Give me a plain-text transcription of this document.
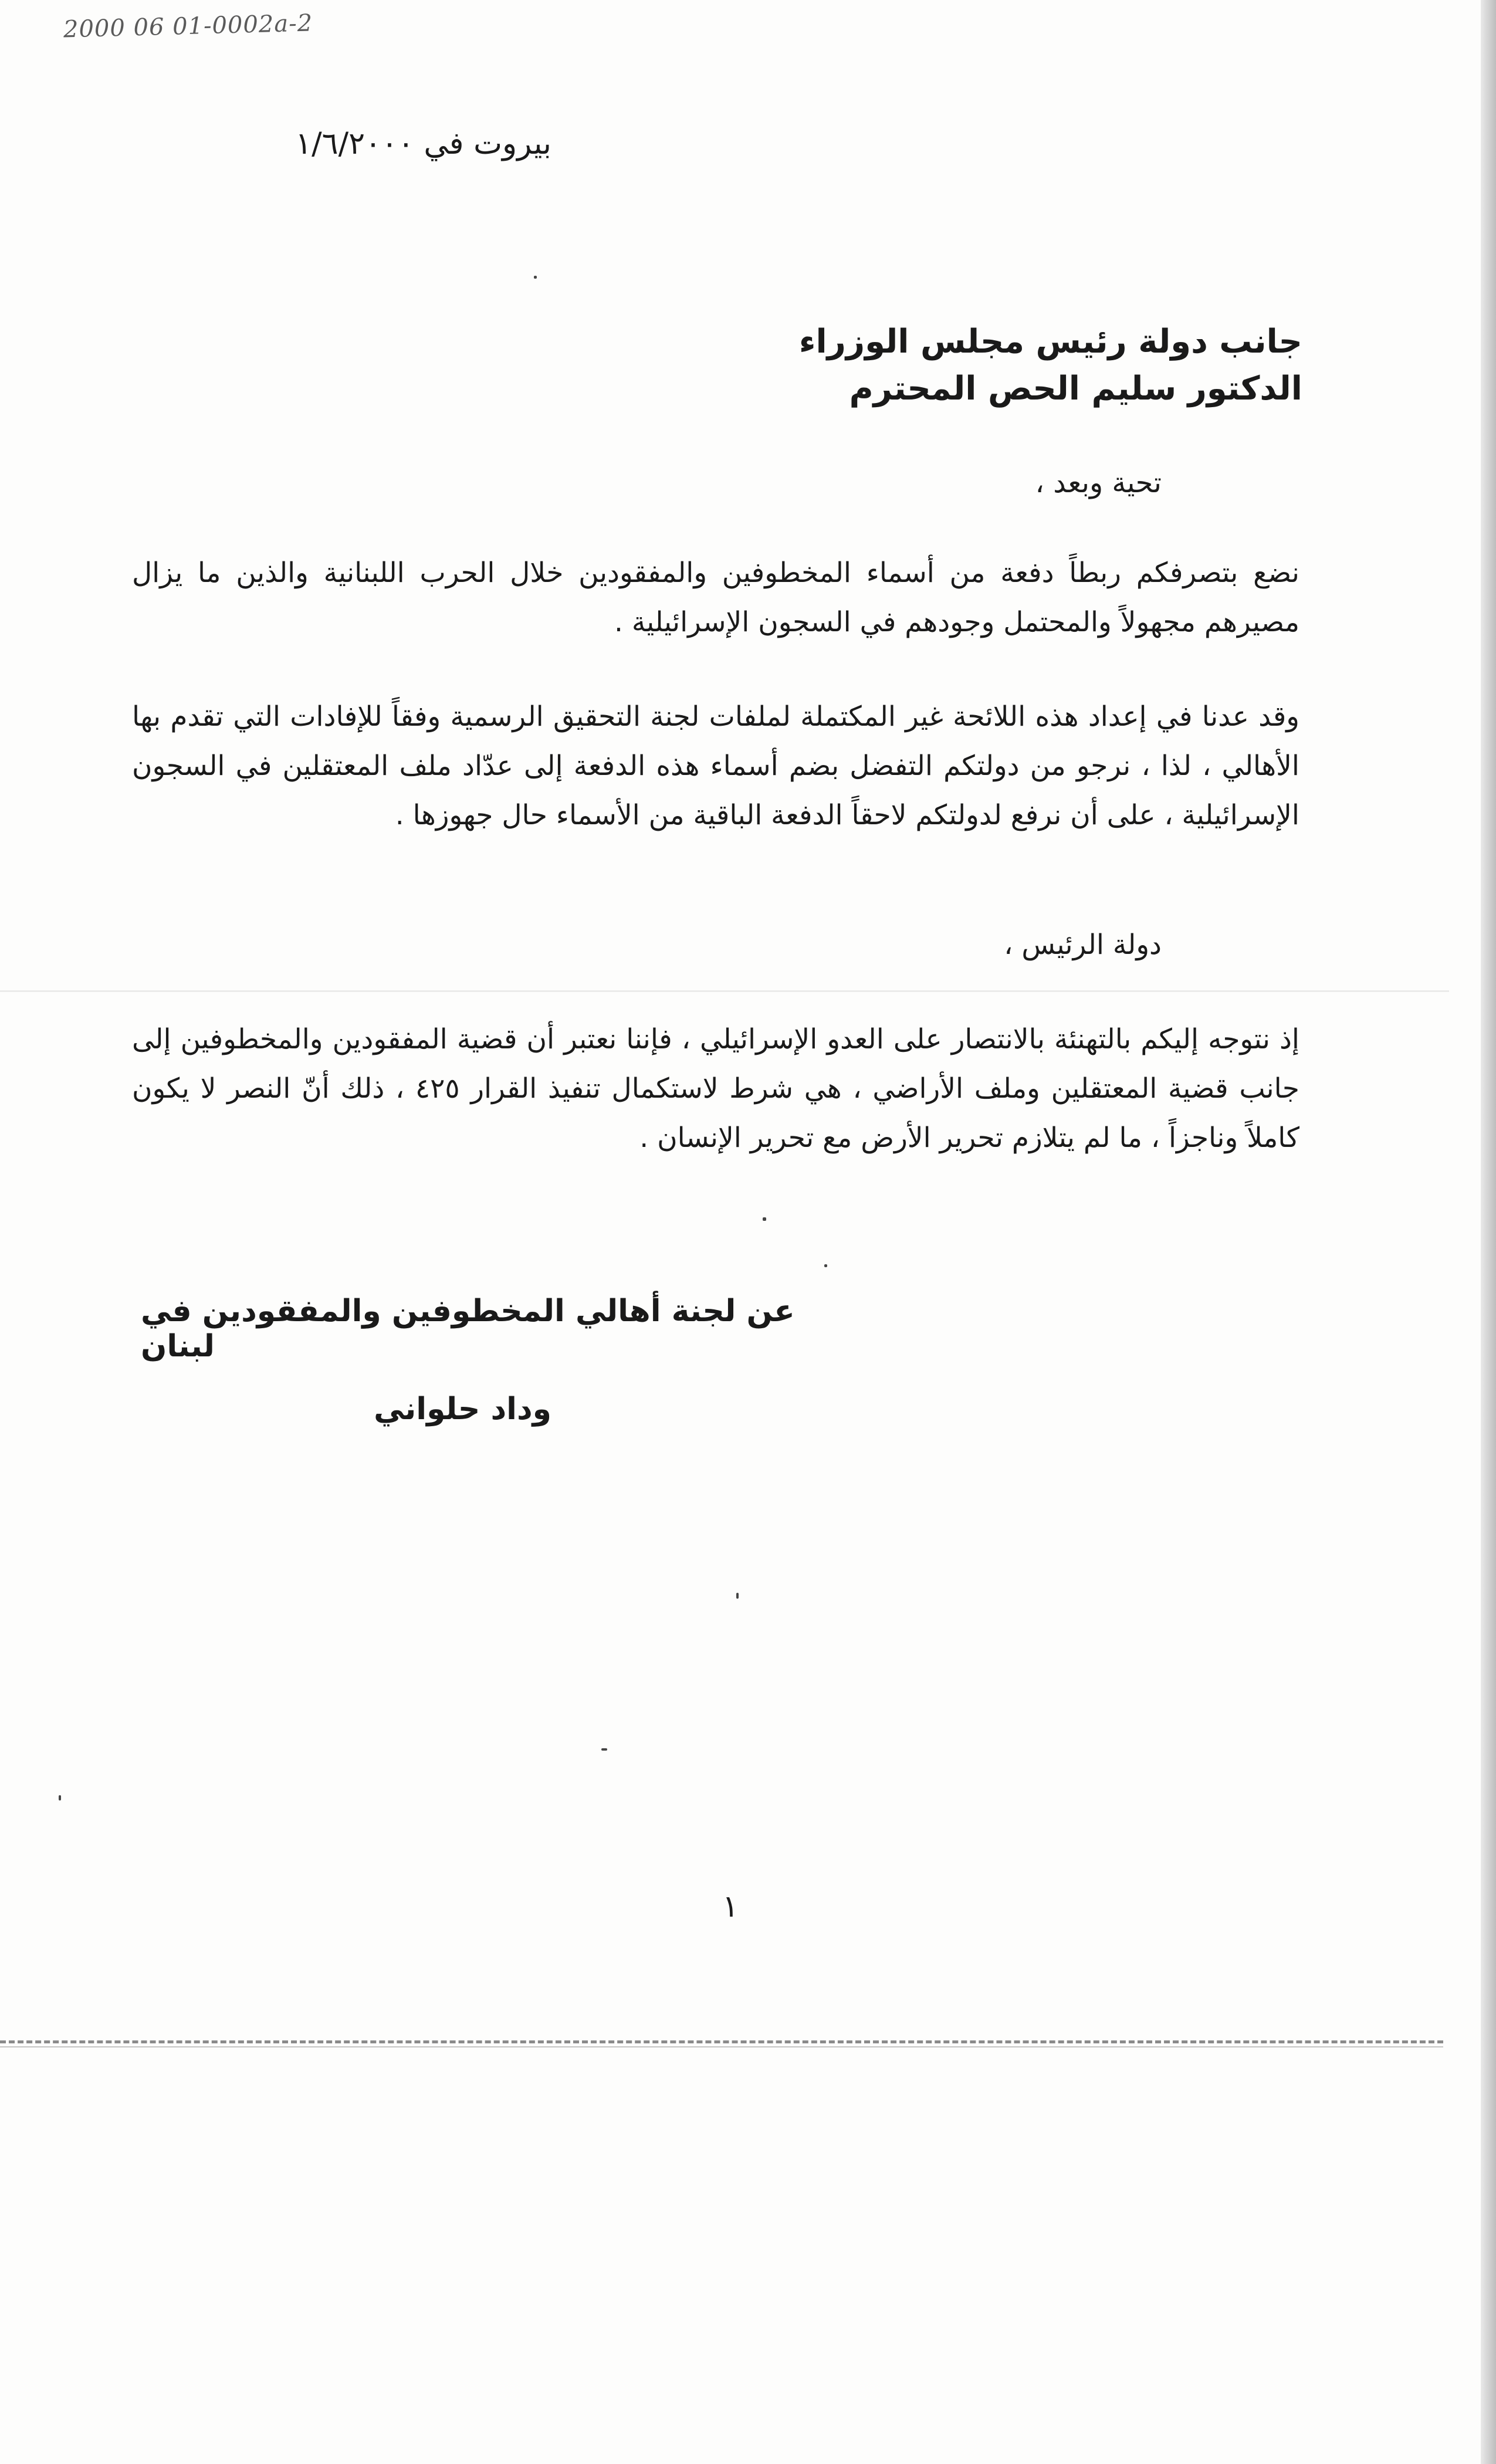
2000 06 01-0002a-2

بيروت في ١/٦/٢٠٠٠

جانب دولة رئيس مجلس الوزراء

الدكتور سليم الحص المحترم

تحية وبعد ،

نضع بتصرفكم ربطاً دفعة من أسماء المخطوفين والمفقودين خلال الحرب اللبنانية والذين ما يزال مصيرهم مجهولاً والمحتمل وجودهم في السجون الإسرائيلية .

وقد عدنا في إعداد هذه اللائحة غير المكتملة لملفات لجنة التحقيق الرسمية وفقاً للإفادات التي تقدم بها الأهالي ، لذا ، نرجو من دولتكم التفضل بضم أسماء هذه الدفعة إلى عدّاد ملف المعتقلين في السجون الإسرائيلية ، على أن نرفع لدولتكم لاحقاً الدفعة الباقية من الأسماء حال جهوزها .

دولة الرئيس ،

إذ نتوجه إليكم بالتهنئة بالانتصار على العدو الإسرائيلي ، فإننا نعتبر أن قضية المفقودين والمخطوفين إلى جانب قضية المعتقلين وملف الأراضي ، هي شرط لاستكمال تنفيذ القرار ٤٢٥ ، ذلك أنّ النصر لا يكون كاملاً وناجزاً ، ما لم يتلازم تحرير الأرض مع تحرير الإنسان .

عن لجنة أهالي المخطوفين والمفقودين في لبنان

وداد حلواني

١
